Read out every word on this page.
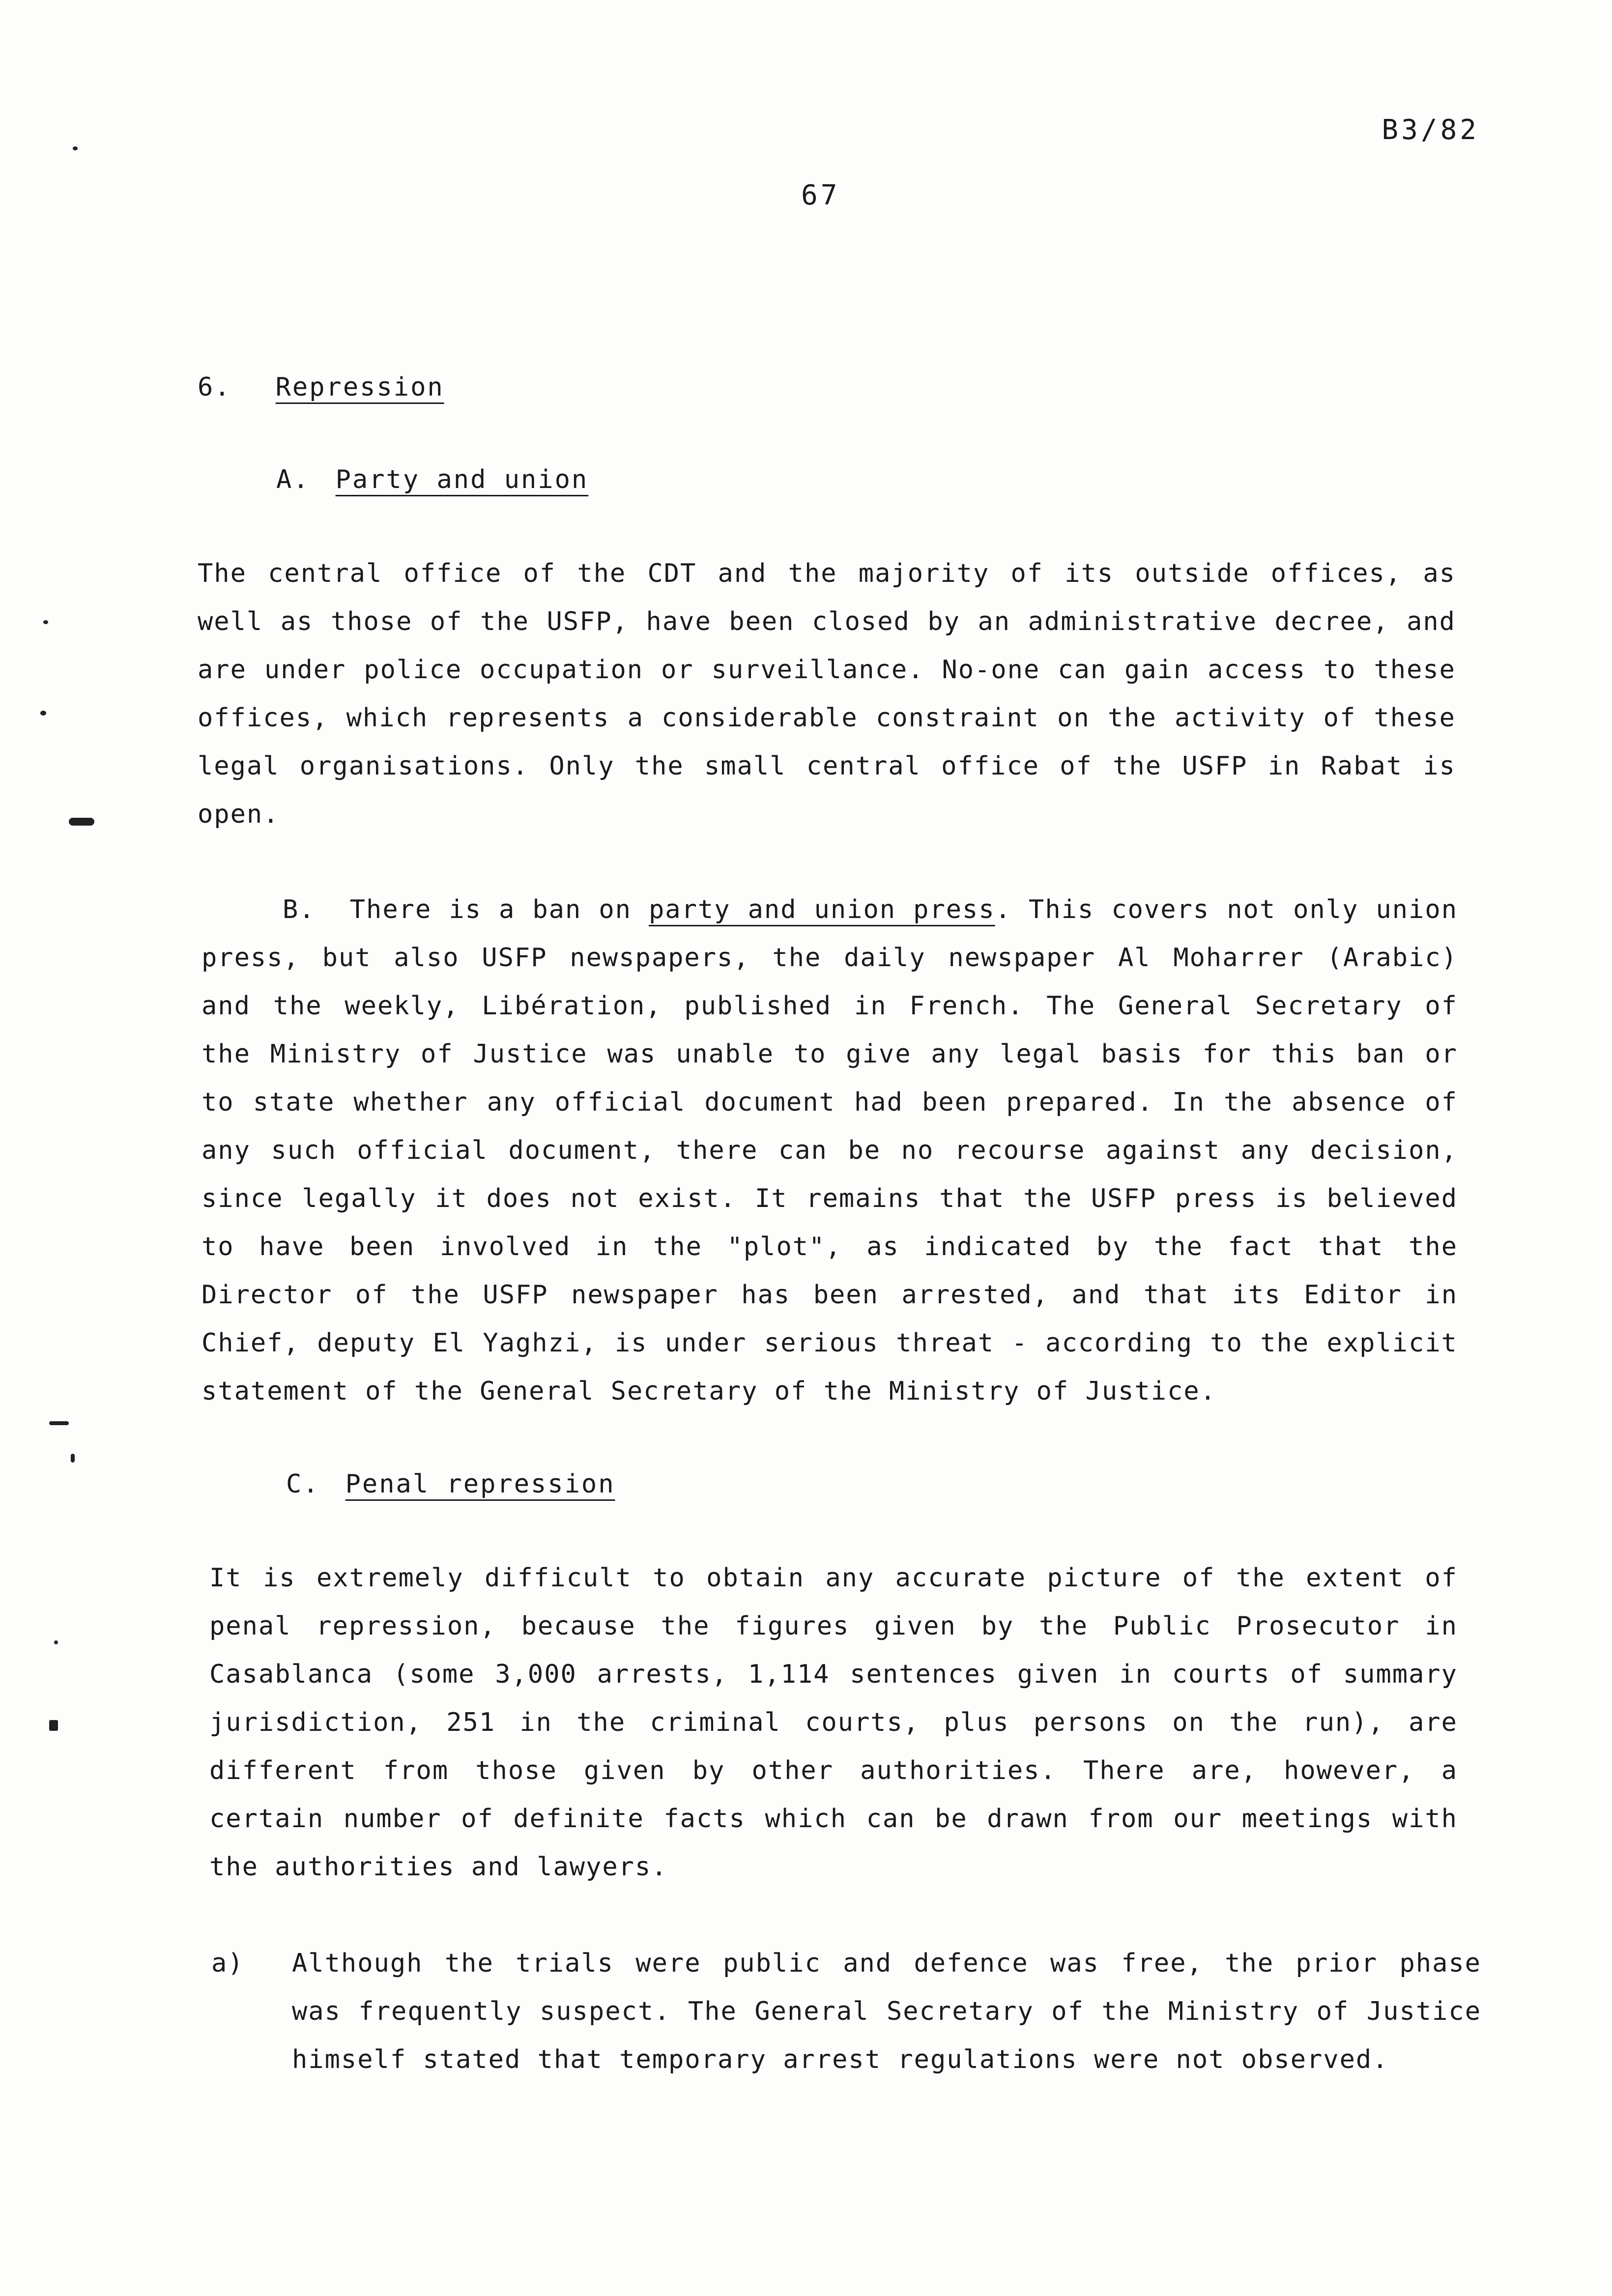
B3/82
67
6. Repression
A. Party and union

The central office of the CDT and the majority of its outside offices, as well as those of the USFP, have been closed by an administrative decree, and are under police occupation or surveillance. No-one can gain access to these offices, which represents a considerable constraint on the activity of these legal organisations. Only the small central office of the USFP in Rabat is open.

B. There is a ban on party and union press. This covers not only union press, but also USFP newspapers, the daily newspaper Al Moharrer (Arabic) and the weekly, Libération, published in French. The General Secretary of the Ministry of Justice was unable to give any legal basis for this ban or to state whether any official document had been prepared. In the absence of any such official document, there can be no recourse against any decision, since legally it does not exist. It remains that the USFP press is believed to have been involved in the "plot", as indicated by the fact that the Director of the USFP newspaper has been arrested, and that its Editor in Chief, deputy El Yaghzi, is under serious threat - according to the explicit statement of the General Secretary of the Ministry of Justice.

C. Penal repression

It is extremely difficult to obtain any accurate picture of the extent of penal repression, because the figures given by the Public Prosecutor in Casablanca (some 3,000 arrests, 1,114 sentences given in courts of summary jurisdiction, 251 in the criminal courts, plus persons on the run), are different from those given by other authorities. There are, however, a certain number of definite facts which can be drawn from our meetings with the authorities and lawyers.

a) Although the trials were public and defence was free, the prior phase was frequently suspect. The General Secretary of the Ministry of Justice himself stated that temporary arrest regulations were not observed.
